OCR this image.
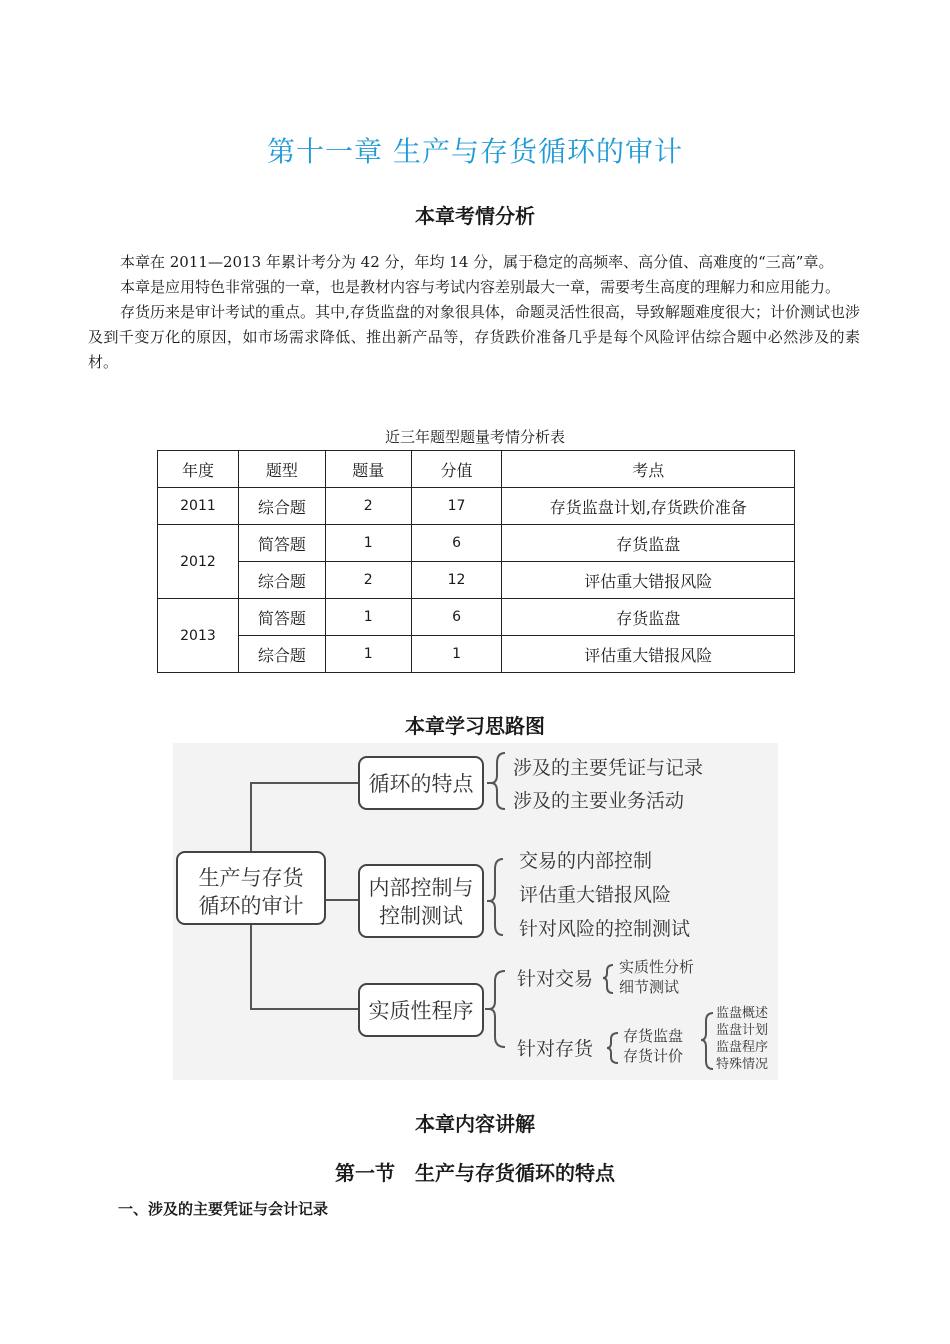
第十一章 生产与存货循环的审计
本章考情分析

本章在 2011—2013 年累计考分为 42 分，年均 14 分，属于稳定的高频率、高分值、高难度的“三高”章。

本章是应用特色非常强的一章，也是教材内容与考试内容差别最大一章，需要考生高度的理解力和应用能力。

存货历来是审计考试的重点。其中,存货监盘的对象很具体，命题灵活性很高，导致解题难度很大；计价测试也涉及到千变万化的原因，如市场需求降低、推出新产品等，存货跌价准备几乎是每个风险评估综合题中必然涉及的素材。

近三年题型题量考情分析表
年度	题型	题量	分值	考点
2011	综合题	2	17	存货监盘计划,存货跌价准备
2012	简答题	1	6	存货监盘
	综合题	2	12	评估重大错报风险
2013	简答题	1	6	存货监盘
	综合题	1	1	评估重大错报风险
本章学习思路图
生产与存货
循环的审计
循环的特点
涉及的主要凭证与记录
涉及的主要业务活动
内部控制与
控制测试
交易的内部控制
评估重大错报风险
针对风险的控制测试
实质性程序
针对交易
实质性分析
细节测试
针对存货
存货监盘
存货计价
监盘概述
监盘计划
监盘程序
特殊情况
本章内容讲解
第一节　生产与存货循环的特点
一、涉及的主要凭证与会计记录
